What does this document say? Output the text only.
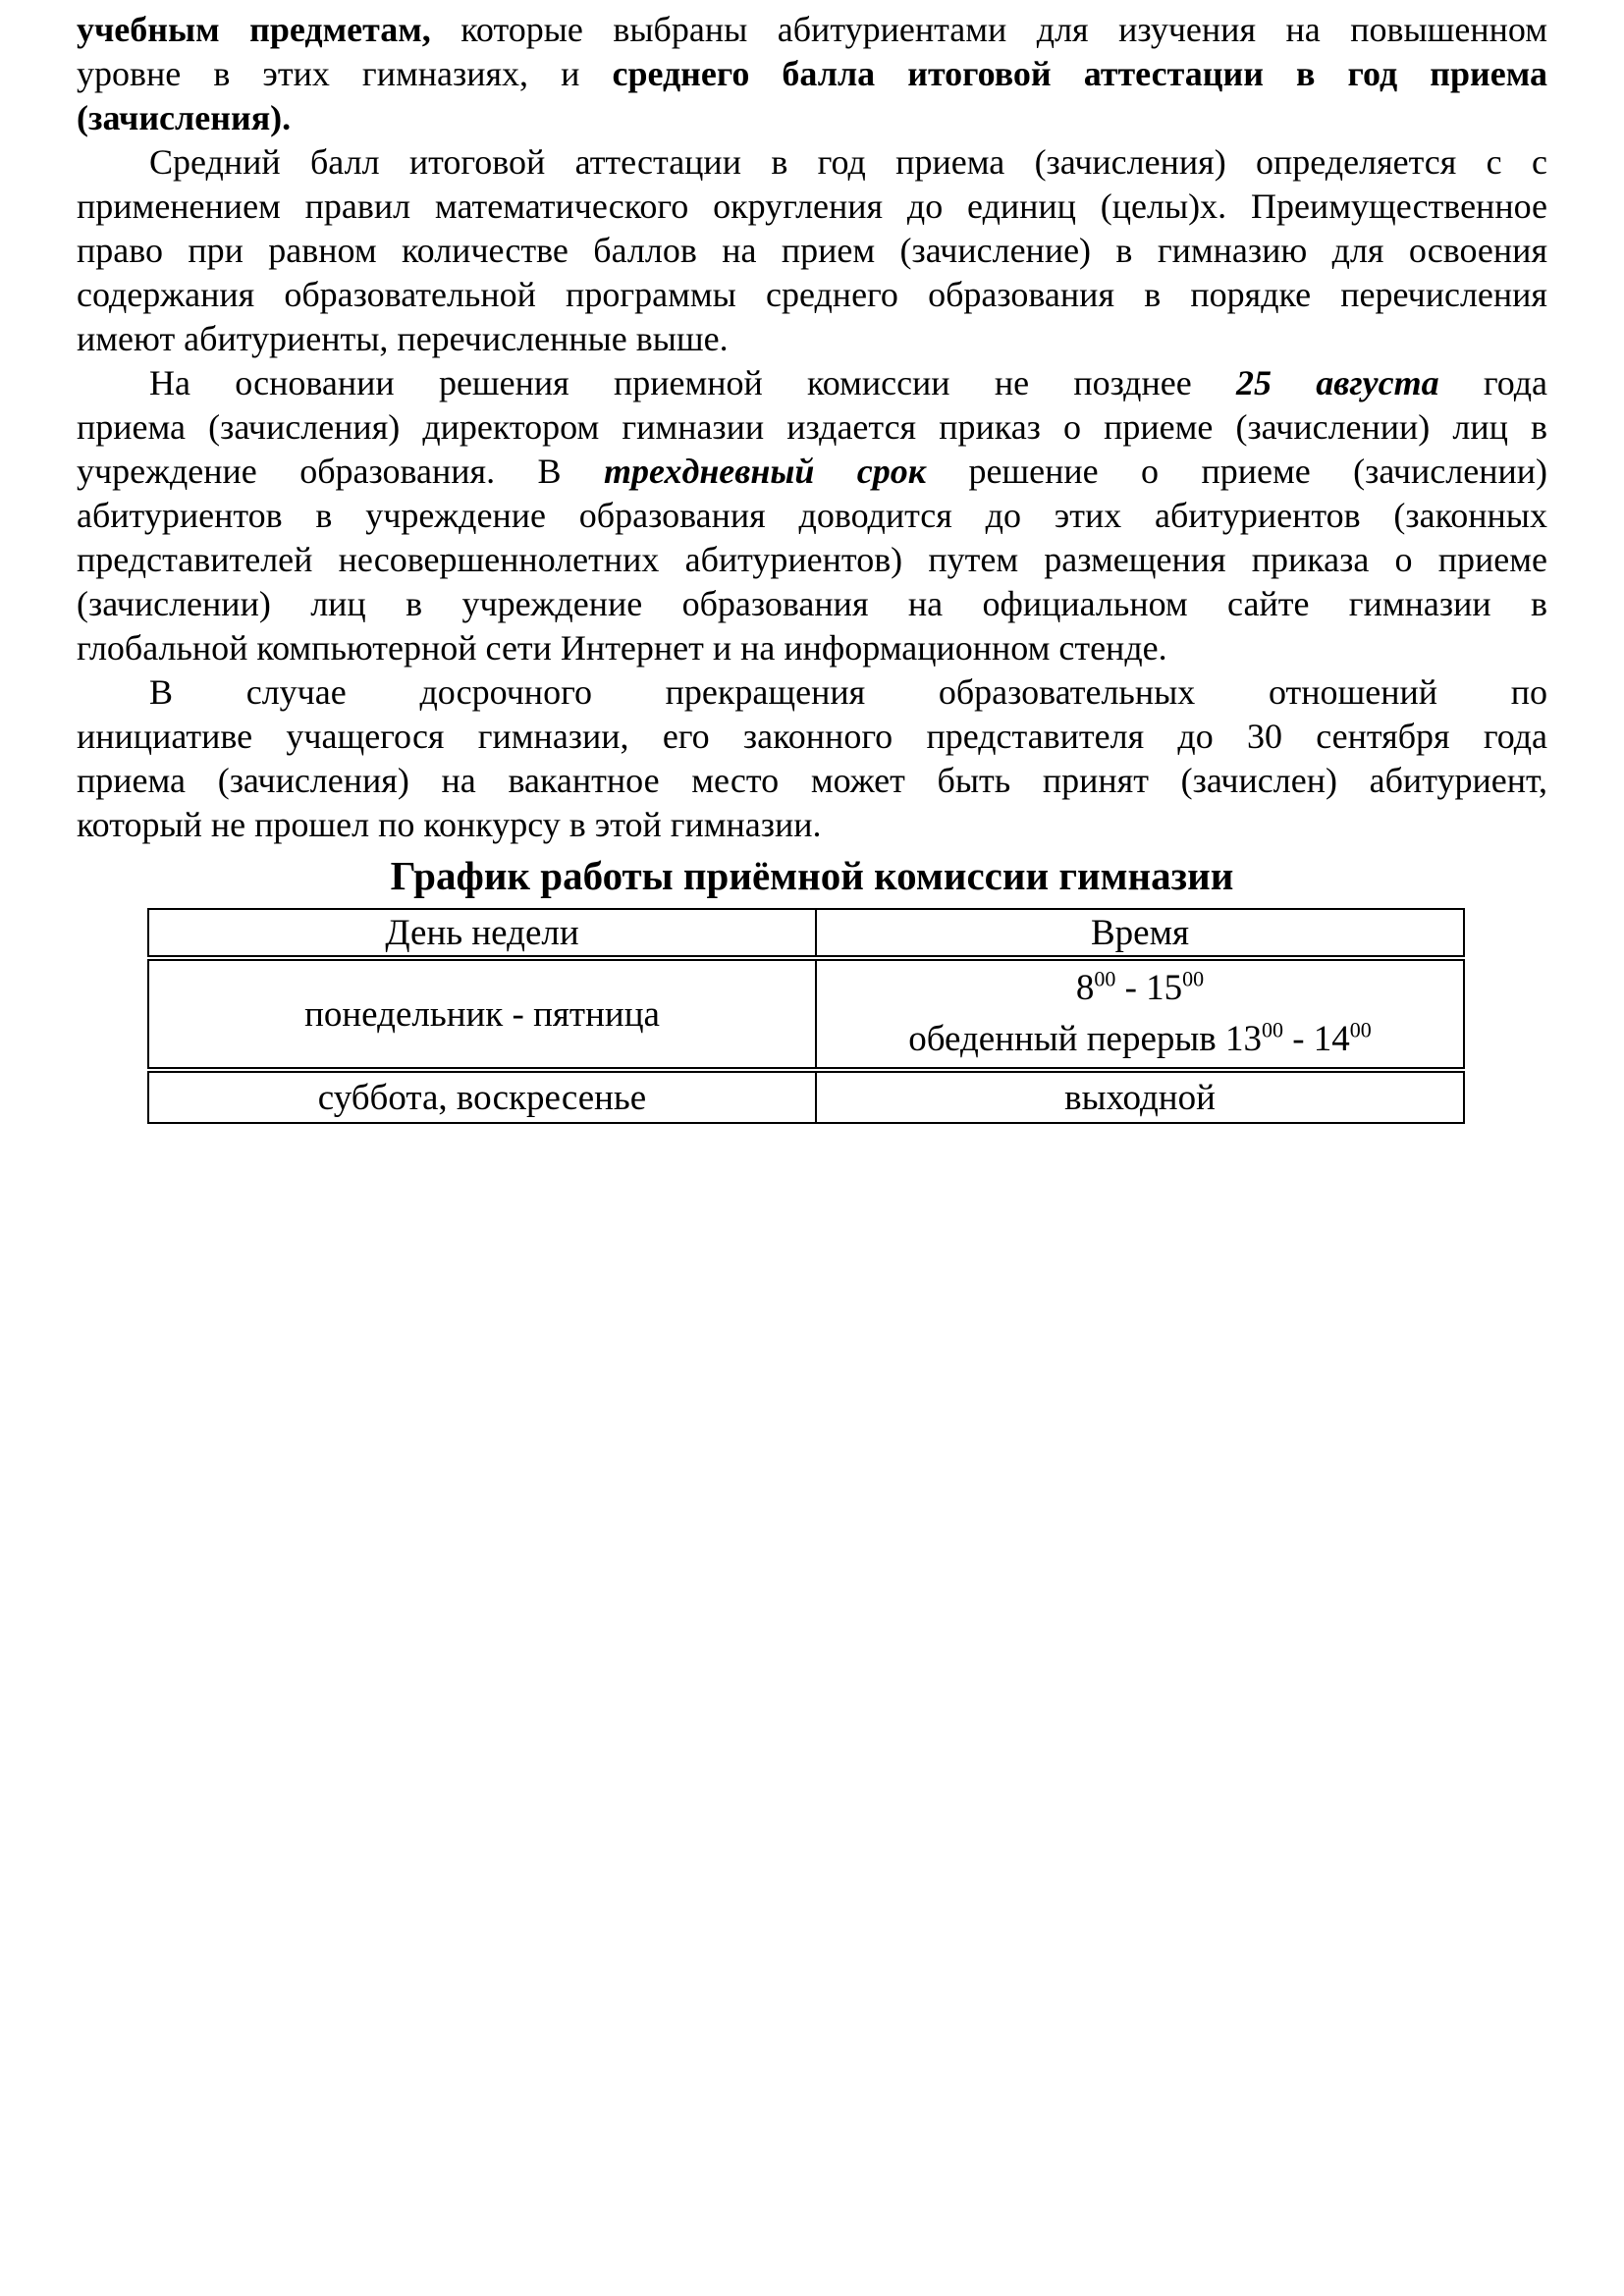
учебным предметам, которые выбраны абитуриентами для изучения на повышенном
уровне в этих гимназиях, и среднего балла итоговой аттестации в год приема
(зачисления).
Средний балл итоговой аттестации в год приема (зачисления) определяется с с
применением правил математического округления до единиц (целы)х. Преимущественное
право при равном количестве баллов на прием (зачисление) в гимназию для освоения
содержания образовательной программы среднего образования в порядке перечисления
имеют абитуриенты, перечисленные выше.
На основании решения приемной комиссии не позднее 25 августа года
приема (зачисления) директором гимназии издается приказ о приеме (зачислении) лиц в
учреждение образования. В трехдневный срок решение о приеме (зачислении)
абитуриентов в учреждение образования доводится до этих абитуриентов (законных
представителей несовершеннолетних абитуриентов) путем размещения приказа о приеме
(зачислении) лиц в учреждение образования на официальном сайте гимназии в
глобальной компьютерной сети Интернет и на информационном стенде.
В случае досрочного прекращения образовательных отношений по
инициативе учащегося гимназии, его законного представителя до 30 сентября года
приема (зачисления) на вакантное место может быть принят (зачислен) абитуриент,
который не прошел по конкурсу в этой гимназии.
График работы приёмной комиссии гимназии
День недели	Время
понедельник - пятница	$8^{00} - 15^{00}$
обеденный перерыв $13^{00} - 14^{00}$

суббота, воскресенье	выходной
